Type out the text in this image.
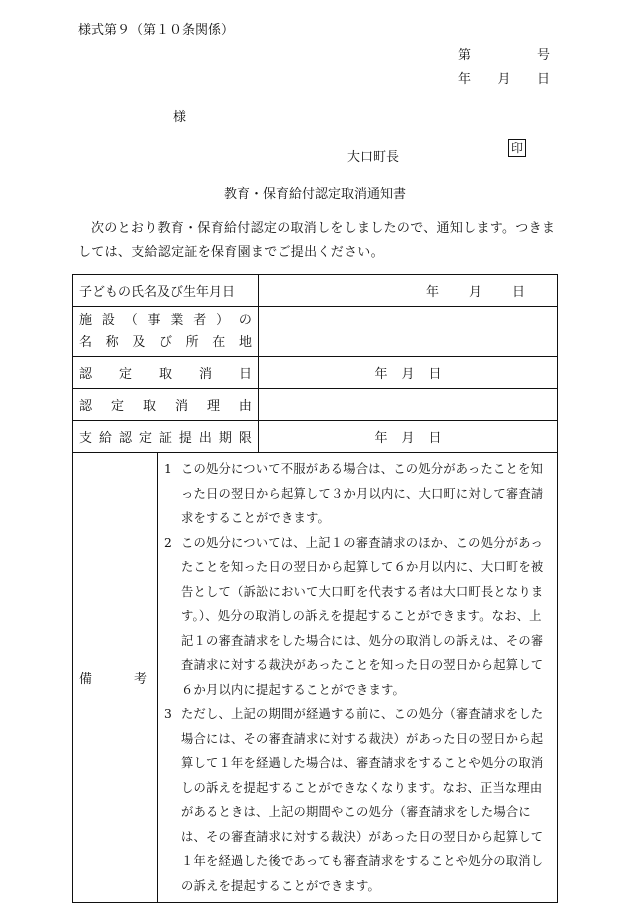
様式第９（第１０条関係）
第	号
年 月 日
様
大口町長
印
教育・保育給付認定取消通知書
次のとおり教育・保育給付認定の取消しをしましたので、通知します。つきましては、支給認定証を保育園までご提出ください。
子どもの氏名及び生年月日	年 月 日

施 設 （ 事 業 者 ） の
名 称 及 び 所 在 地

認 定 取 消 日	年 月 日

認 定 取 消 理 由

支 給 認 定 証 提 出 期 限	年 月 日

備	考

1 この処分について不服がある場合は、この処分があったことを知った日の翌日から起算して３か月以内に、大口町に対して審査請求をすることができます。
2 この処分については、上記１の審査請求のほか、この処分があったことを知った日の翌日から起算して６か月以内に、大口町を被告として（訴訟において大口町を代表する者は大口町長となります。）、処分の取消しの訴えを提起することができます。なお、上記１の審査請求をした場合には、処分の取消しの訴えは、その審査請求に対する裁決があったことを知った日の翌日から起算して６か月以内に提起することができます。
3 ただし、上記の期間が経過する前に、この処分（審査請求をした場合には、その審査請求に対する裁決）があった日の翌日から起算して１年を経過した場合は、審査請求をすることや処分の取消しの訴えを提起することができなくなります。なお、正当な理由があるときは、上記の期間やこの処分（審査請求をした場合には、その審査請求に対する裁決）があった日の翌日から起算して１年を経過した後であっても審査請求をすることや処分の取消しの訴えを提起することができます。
